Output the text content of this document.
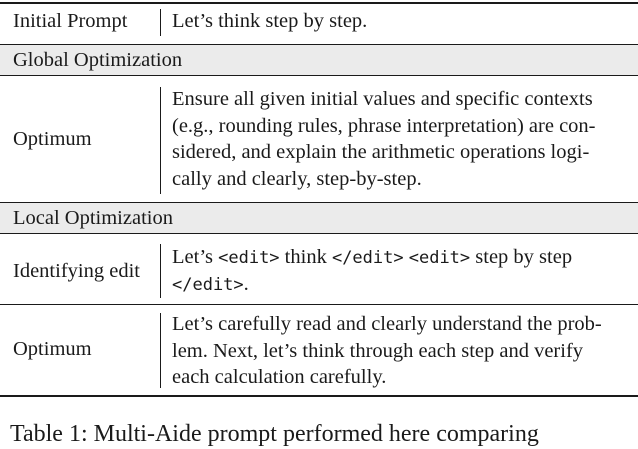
Initial Prompt Let’s think step by step.
Global Optimization
Optimum
Ensure all given initial values and specific contexts
(e.g., rounding rules, phrase interpretation) are con-
sidered, and explain the arithmetic operations logi-
cally and clearly, step-by-step.
Local Optimization
Identifying edit
Let’s <edit> think </edit> <edit> step by step
</edit>.
Optimum
Let’s carefully read and clearly understand the prob-
lem. Next, let’s think through each step and verify
each calculation carefully.
Table 1: Multi-Aide prompt performed here comparing
